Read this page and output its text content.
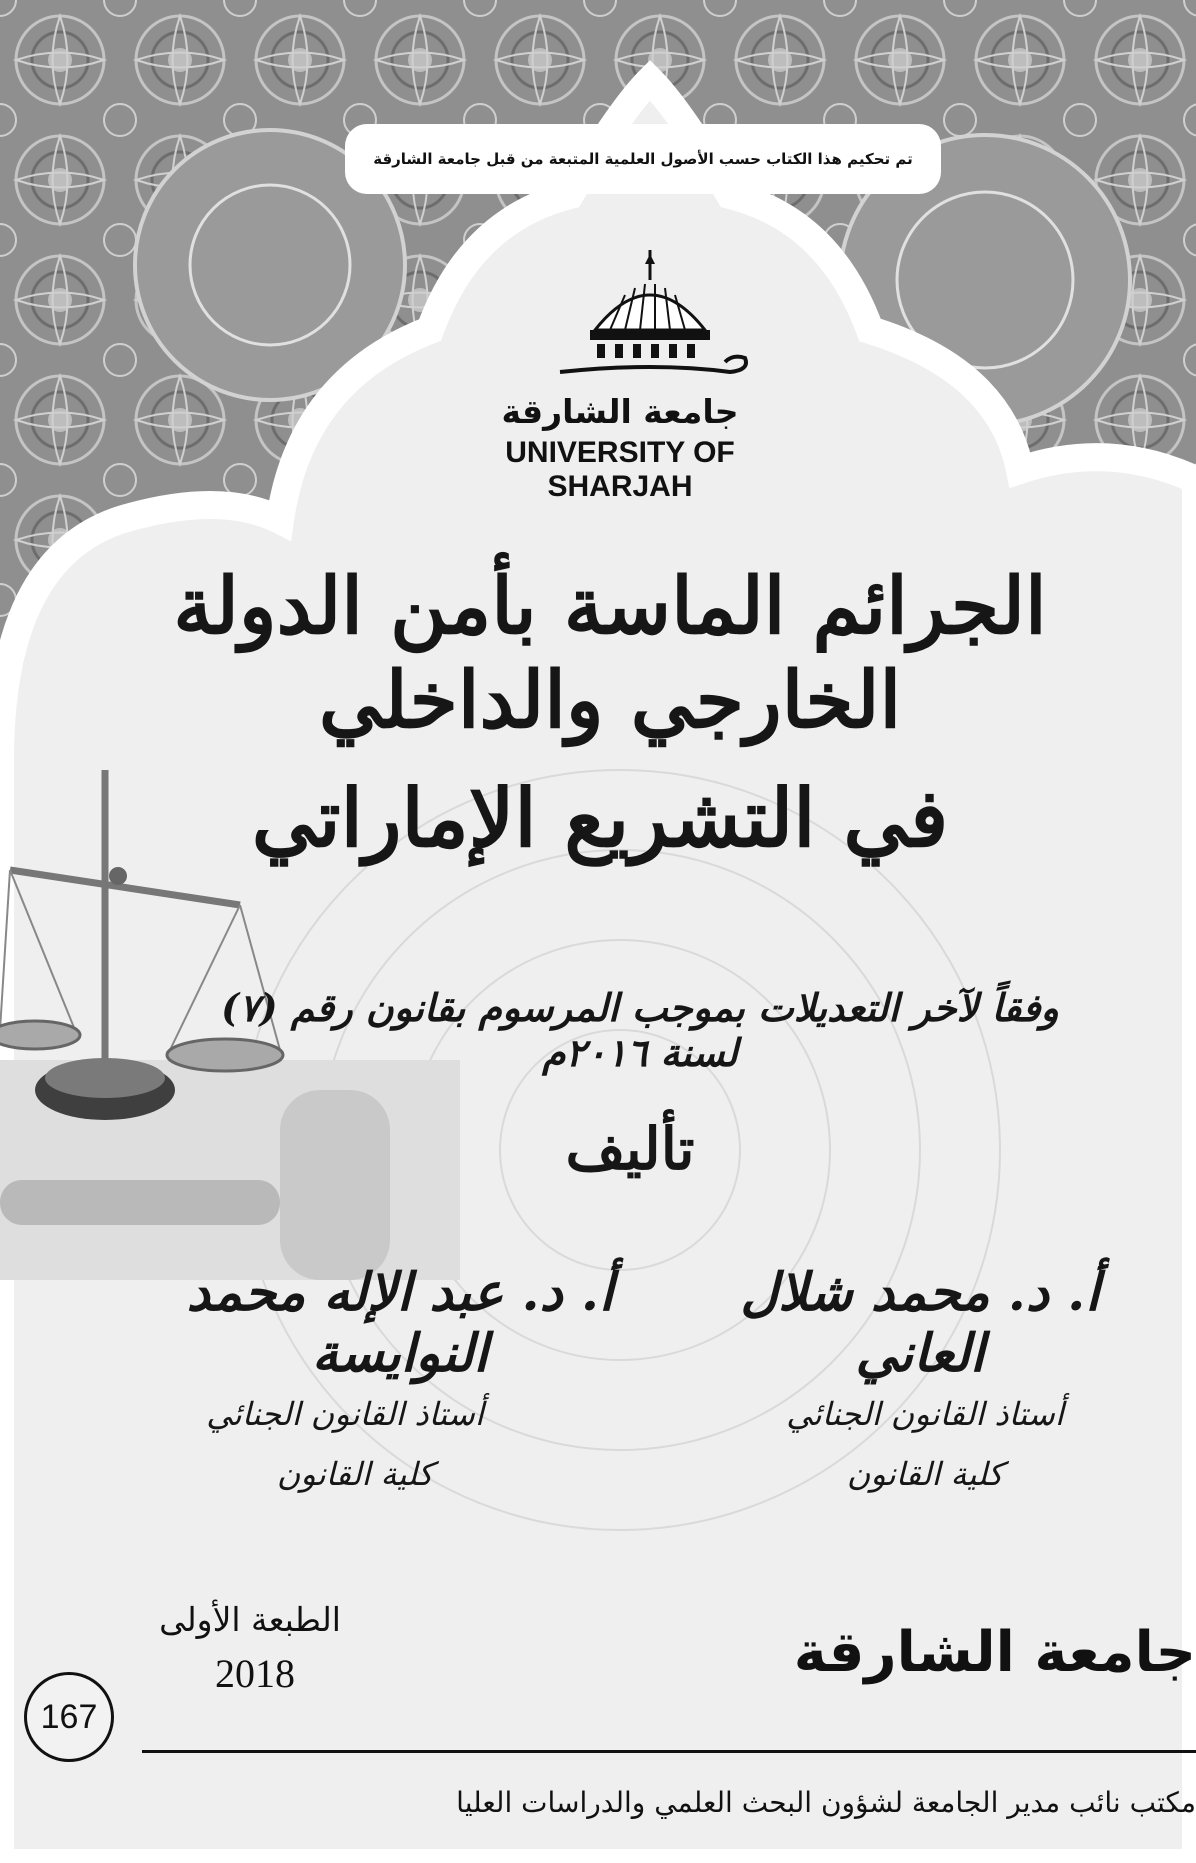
تم تحكيم هذا الكتاب حسب الأصول العلمية المتبعة من قبل جامعة الشارقة
جامعة الشارقة
UNIVERSITY OF SHARJAH
الجرائم الماسة بأمن الدولة الخارجي والداخلي
في التشريع الإماراتي
وفقاً لآخر التعديلات بموجب المرسوم بقانون رقم (٧) لسنة ٢٠١٦م
تأليف
أ. د. محمد شلال العاني
أستاذ القانون الجنائي
كلية القانون
أ. د. عبد الإله محمد النوايسة
أستاذ القانون الجنائي
كلية القانون
الطبعة الأولى
2018
167
جامعة الشارقة
مكتب نائب مدير الجامعة لشؤون البحث العلمي والدراسات العليا
